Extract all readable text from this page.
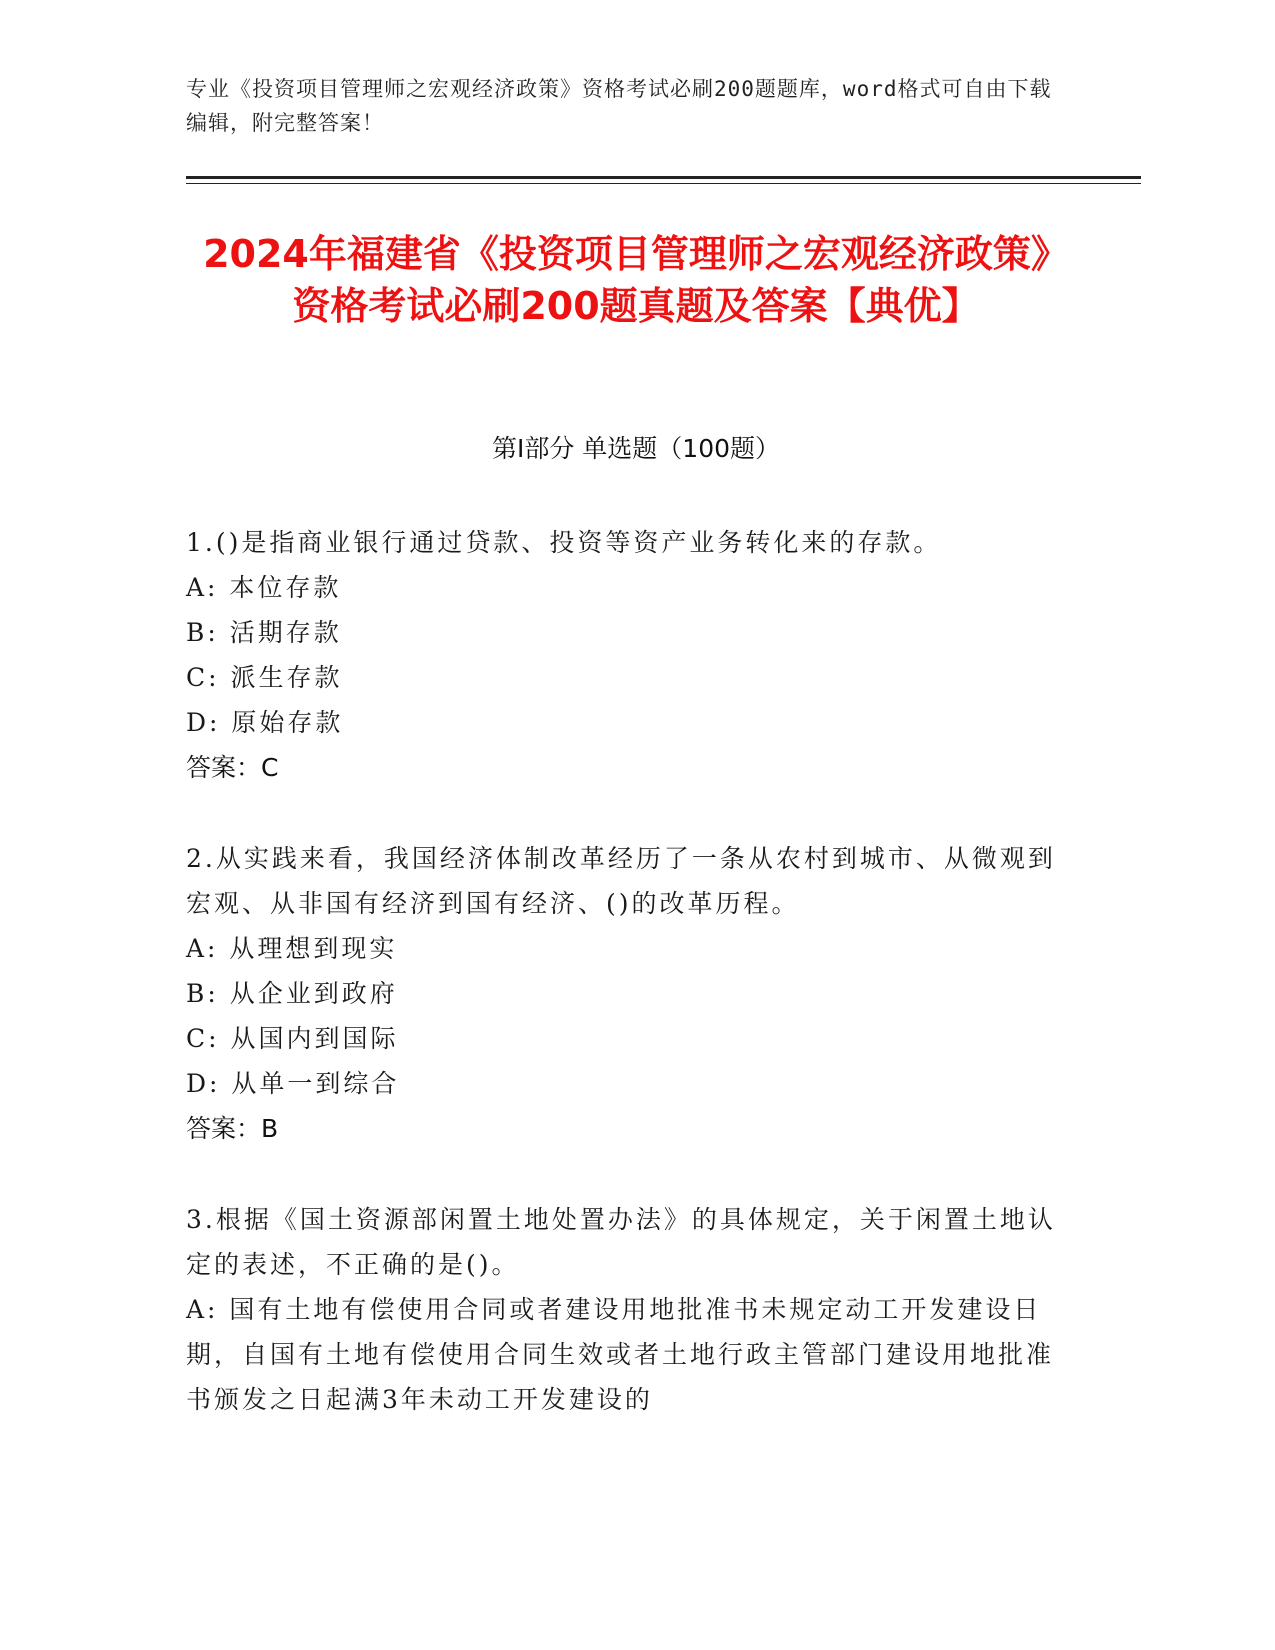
专业《投资项目管理师之宏观经济政策》资格考试必刷200题题库，word格式可自由下载编辑，附完整答案！
2024年福建省《投资项目管理师之宏观经济政策》资格考试必刷200题真题及答案【典优】
第I部分 单选题（100题）

1.()是指商业银行通过贷款、投资等资产业务转化来的存款。

A: 本位存款

B: 活期存款

C: 派生存款

D: 原始存款

答案：C

2.从实践来看，我国经济体制改革经历了一条从农村到城市、从微观到宏观、从非国有经济到国有经济、()的改革历程。

A: 从理想到现实

B: 从企业到政府

C: 从国内到国际

D: 从单一到综合

答案：B

3.根据《国土资源部闲置土地处置办法》的具体规定，关于闲置土地认定的表述，不正确的是()。

A: 国有土地有偿使用合同或者建设用地批准书未规定动工开发建设日期，自国有土地有偿使用合同生效或者土地行政主管部门建设用地批准书颁发之日起满3年未动工开发建设的
